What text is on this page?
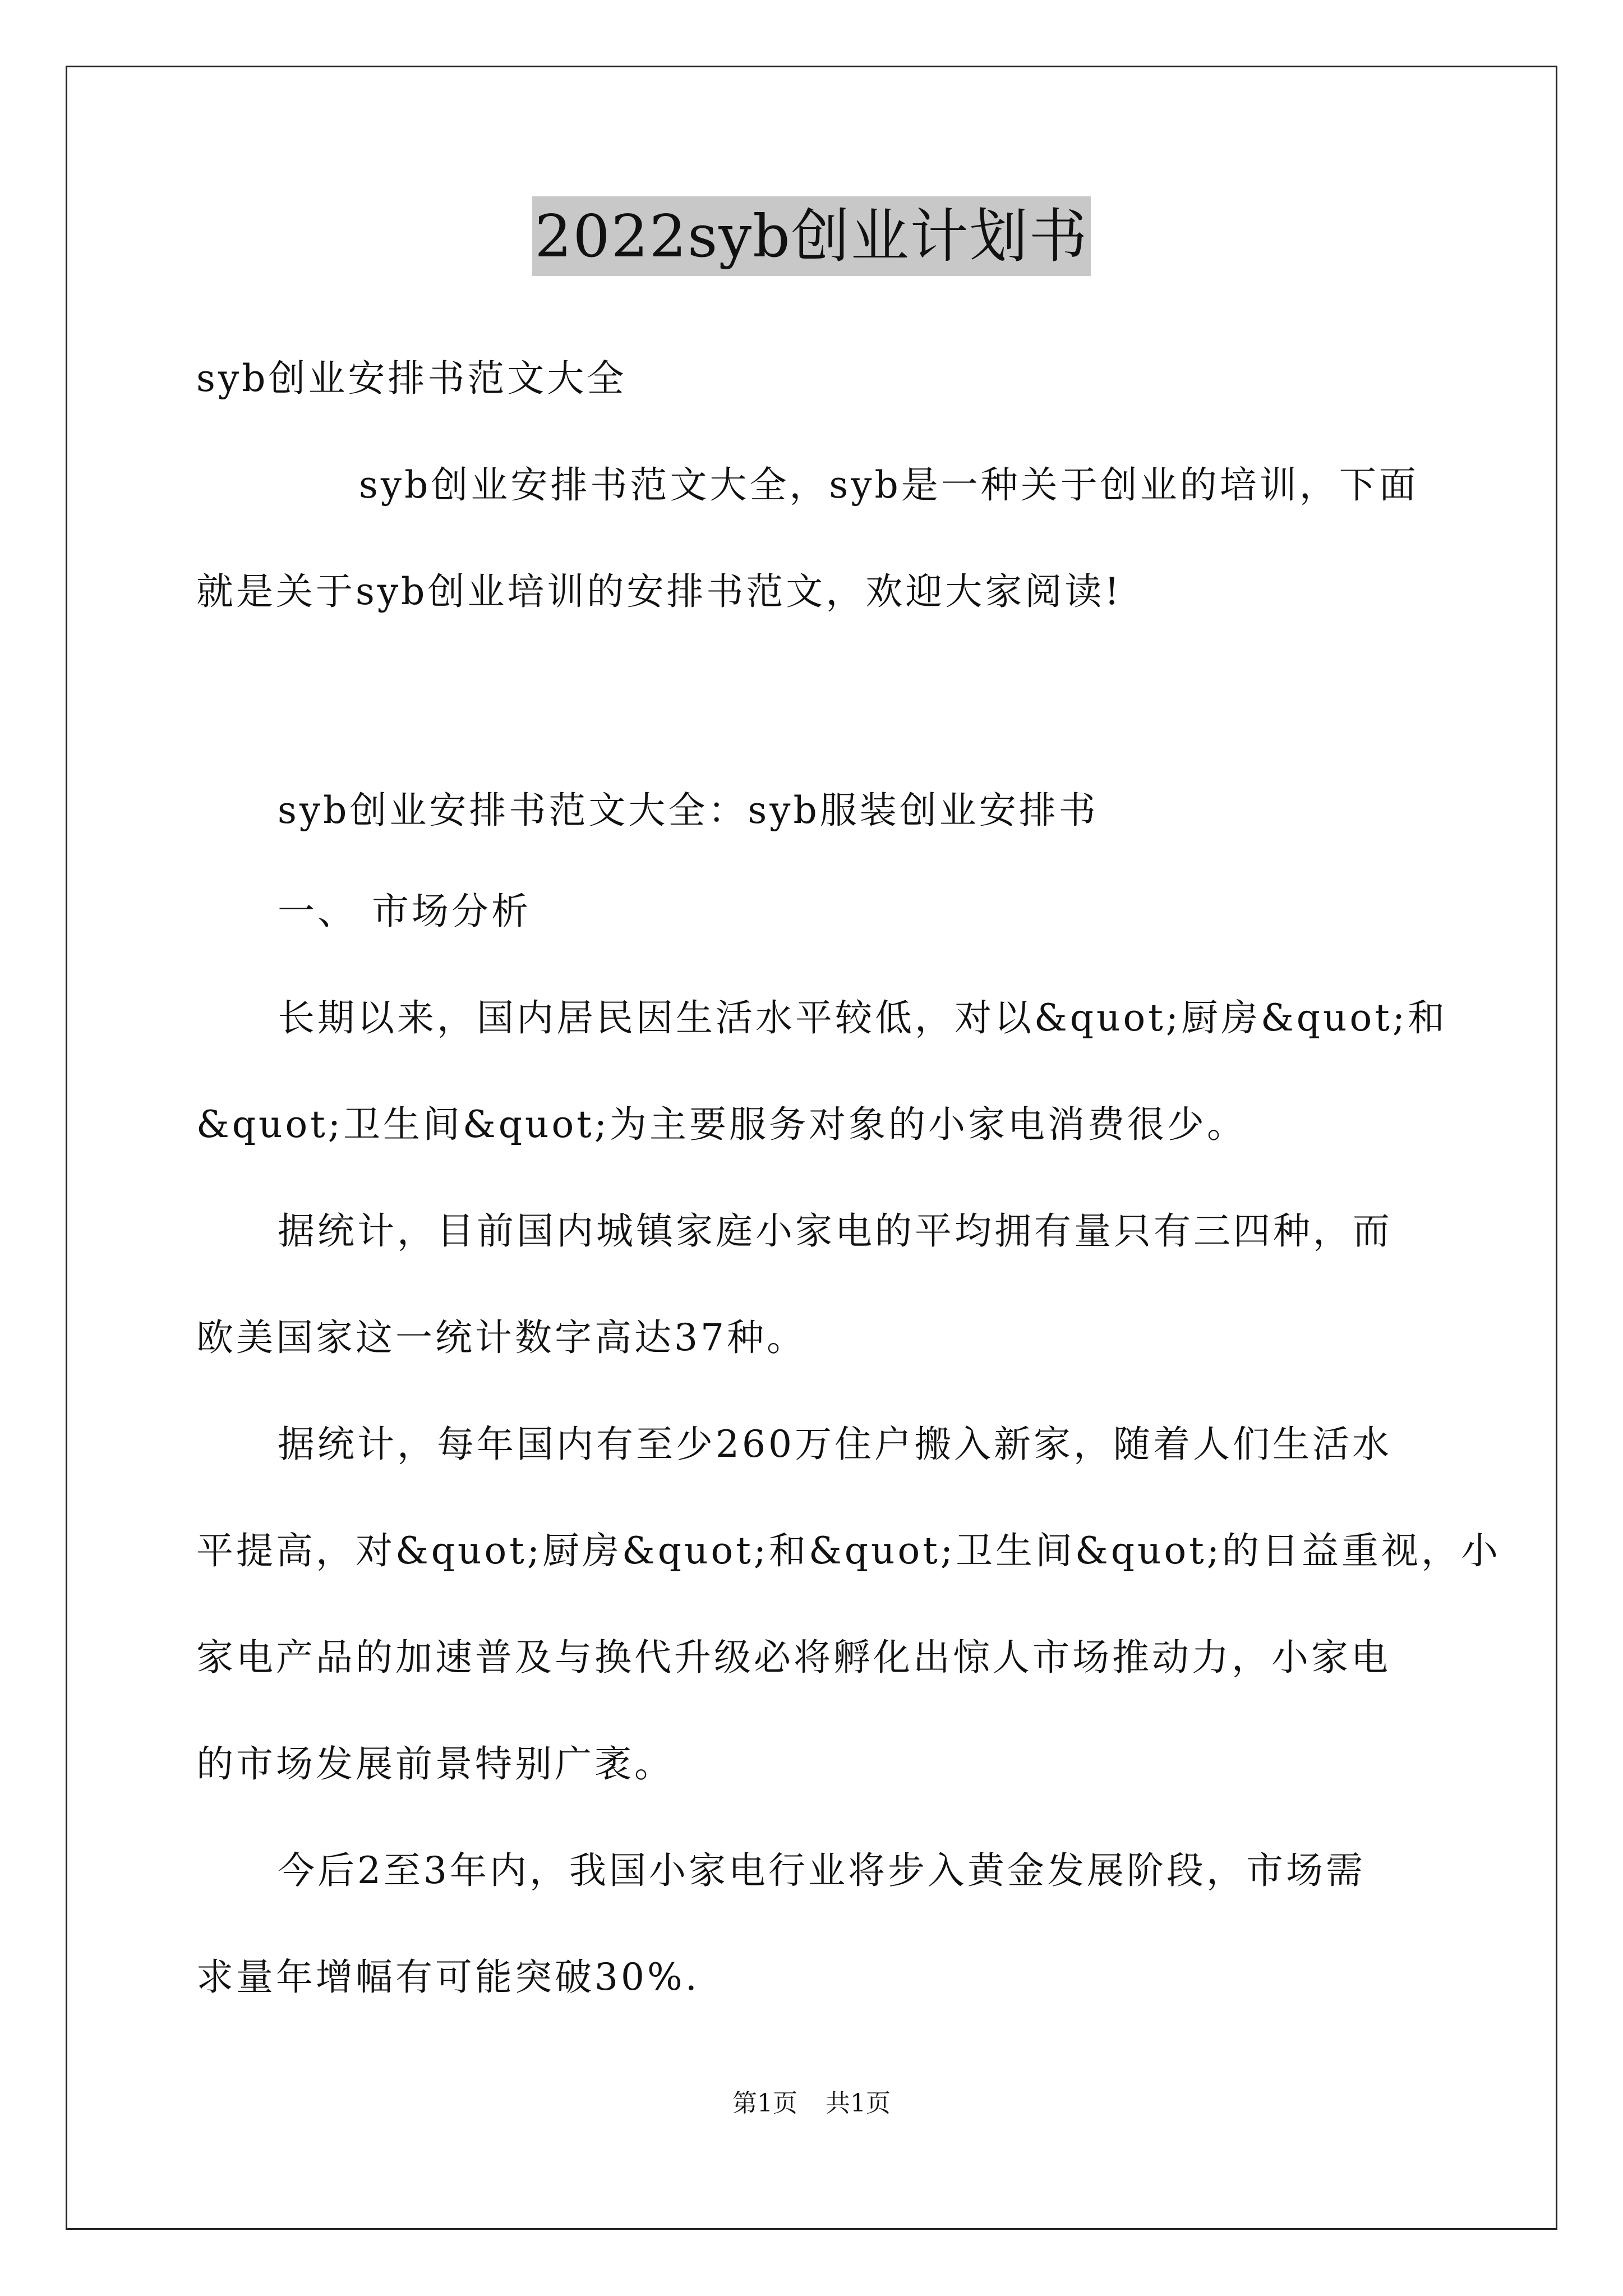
2022syb创业计划书
syb创业安排书范文大全
syb创业安排书范文大全，syb是一种关于创业的培训，下面
就是关于syb创业培训的安排书范文，欢迎大家阅读!
syb创业安排书范文大全：syb服装创业安排书
一、 市场分析
长期以来，国内居民因生活水平较低，对以&quot;厨房&quot;和
&quot;卫生间&quot;为主要服务对象的小家电消费很少。
据统计，目前国内城镇家庭小家电的平均拥有量只有三四种，而
欧美国家这一统计数字高达37种。
据统计，每年国内有至少260万住户搬入新家，随着人们生活水
平提高，对&quot;厨房&quot;和&quot;卫生间&quot;的日益重视，小
家电产品的加速普及与换代升级必将孵化出惊人市场推动力，小家电
的市场发展前景特别广袤。
今后2至3年内，我国小家电行业将步入黄金发展阶段，市场需
求量年增幅有可能突破30%.
第1页 共1页
